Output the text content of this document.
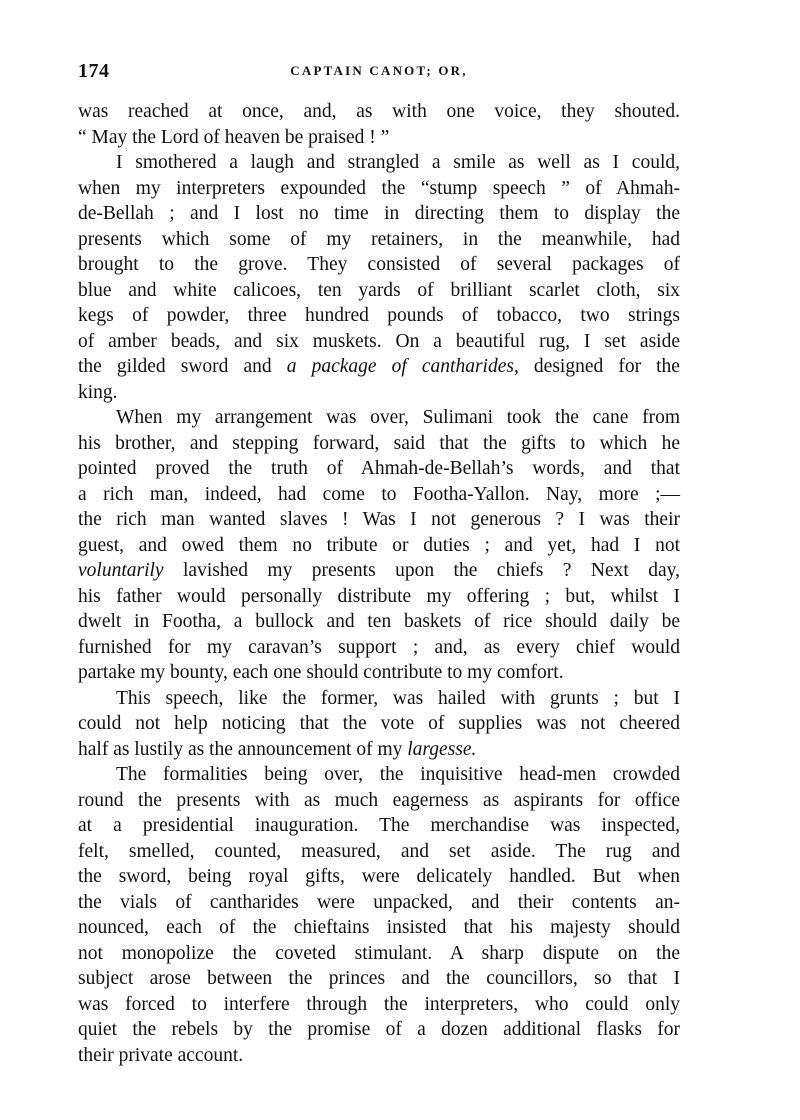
174	CAPTAIN CANOT; OR,
was reached at once, and, as with one voice, they shouted.
“ May the Lord of heaven be praised ! ”
I smothered a laugh and strangled a smile as well as I could,
when my interpreters expounded the “stump speech ” of Ahmah-
de-Bellah ; and I lost no time in directing them to display the
presents which some of my retainers, in the meanwhile, had
brought to the grove. They consisted of several packages of
blue and white calicoes, ten yards of brilliant scarlet cloth, six
kegs of powder, three hundred pounds of tobacco, two strings
of amber beads, and six muskets. On a beautiful rug, I set aside
the gilded sword and a package of cantharides, designed for the
king.
When my arrangement was over, Sulimani took the cane from
his brother, and stepping forward, said that the gifts to which he
pointed proved the truth of Ahmah-de-Bellah’s words, and that
a rich man, indeed, had come to Footha-Yallon. Nay, more ;—
the rich man wanted slaves ! Was I not generous ? I was their
guest, and owed them no tribute or duties ; and yet, had I not
voluntarily lavished my presents upon the chiefs ? Next day,
his father would personally distribute my offering ; but, whilst I
dwelt in Footha, a bullock and ten baskets of rice should daily be
furnished for my caravan’s support ; and, as every chief would
partake my bounty, each one should contribute to my comfort.
This speech, like the former, was hailed with grunts ; but I
could not help noticing that the vote of supplies was not cheered
half as lustily as the announcement of my largesse.
The formalities being over, the inquisitive head-men crowded
round the presents with as much eagerness as aspirants for office
at a presidential inauguration. The merchandise was inspected,
felt, smelled, counted, measured, and set aside. The rug and
the sword, being royal gifts, were delicately handled. But when
the vials of cantharides were unpacked, and their contents an-
nounced, each of the chieftains insisted that his majesty should
not monopolize the coveted stimulant. A sharp dispute on the
subject arose between the princes and the councillors, so that I
was forced to interfere through the interpreters, who could only
quiet the rebels by the promise of a dozen additional flasks for
their private account.
